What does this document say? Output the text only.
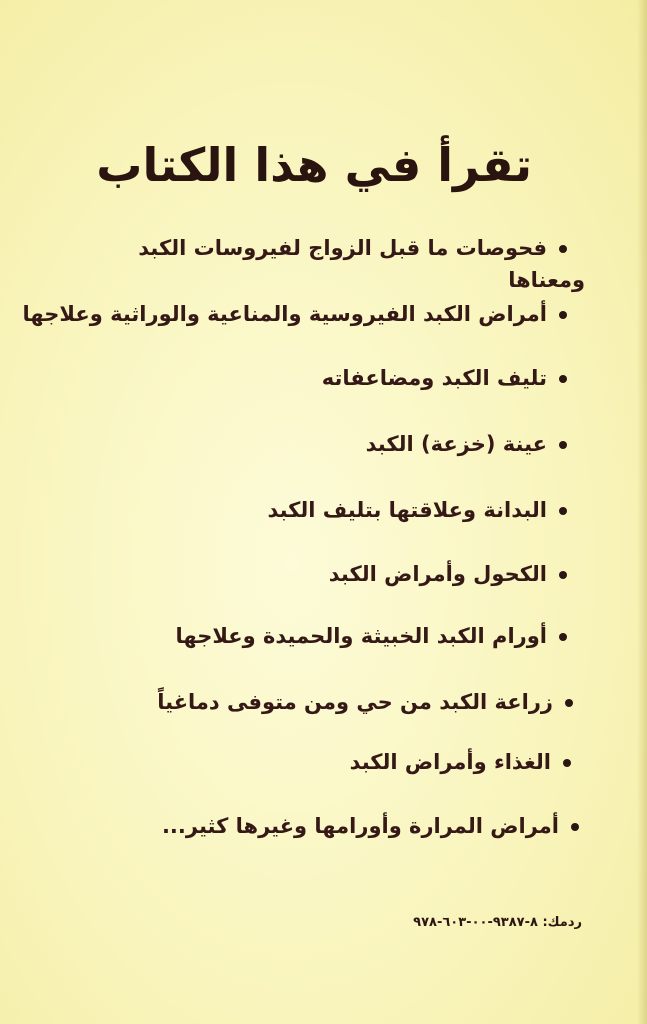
تقرأ في هذا الكتاب
فحوصات ما قبل الزواج لفيروسات الكبد
ومعناها
أمراض الكبد الفيروسية والمناعية والوراثية وعلاجها
تليف الكبد ومضاعفاته
عينة (خزعة) الكبد
البدانة وعلاقتها بتليف الكبد
الكحول وأمراض الكبد
أورام الكبد الخبيثة والحميدة وعلاجها
زراعة الكبد من حي ومن متوفى دماغياً
الغذاء وأمراض الكبد
أمراض المرارة وأورامها وغيرها كثير...
ردمك: ٨-٩٣٨٧-٠٠-٦٠٣-٩٧٨
